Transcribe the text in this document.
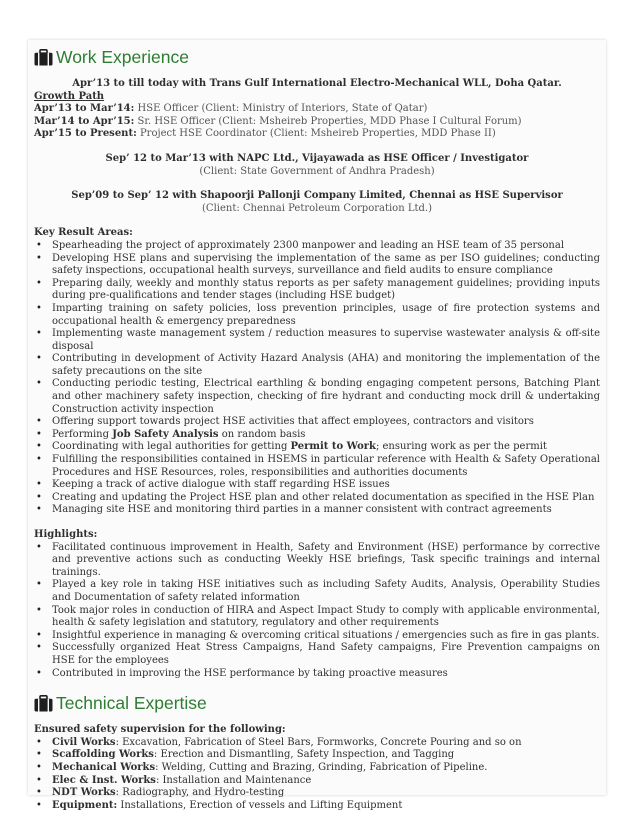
Work Experience

Apr’13 to till today with Trans Gulf International Electro-Mechanical WLL, Doha Qatar.

Growth Path

Apr’13 to Mar’14: HSE Officer (Client: Ministry of Interiors, State of Qatar)
Mar’14 to Apr’15: Sr. HSE Officer (Client: Msheireb Properties, MDD Phase I Cultural Forum)
Apr’15 to Present: Project HSE Coordinator (Client: Msheireb Properties, MDD Phase II)

Sep’ 12 to Mar’13 with NAPC Ltd., Vijayawada as HSE Officer / Investigator

(Client: State Government of Andhra Pradesh)

Sep’09 to Sep’ 12 with Shapoorji Pallonji Company Limited, Chennai as HSE Supervisor

(Client: Chennai Petroleum Corporation Ltd.)

Key Result Areas:

• Spearheading the project of approximately 2300 manpower and leading an HSE team of 35 personal
• Developing HSE plans and supervising the implementation of the same as per ISO guidelines; conducting safety inspections, occupational health surveys, surveillance and field audits to ensure compliance
• Preparing daily, weekly and monthly status reports as per safety management guidelines; providing inputs during pre-qualifications and tender stages (including HSE budget)
• Imparting training on safety policies, loss prevention principles, usage of fire protection systems and occupational health & emergency preparedness
• Implementing waste management system / reduction measures to supervise wastewater analysis & off-site disposal
• Contributing in development of Activity Hazard Analysis (AHA) and monitoring the implementation of the safety precautions on the site
• Conducting periodic testing, Electrical earthling & bonding engaging competent persons, Batching Plant and other machinery safety inspection, checking of fire hydrant and conducting mock drill & undertaking Construction activity inspection
• Offering support towards project HSE activities that affect employees, contractors and visitors
• Performing Job Safety Analysis on random basis
• Coordinating with legal authorities for getting Permit to Work; ensuring work as per the permit
• Fulfilling the responsibilities contained in HSEMS in particular reference with Health & Safety Operational Procedures and HSE Resources, roles, responsibilities and authorities documents
• Keeping a track of active dialogue with staff regarding HSE issues
• Creating and updating the Project HSE plan and other related documentation as specified in the HSE Plan
• Managing site HSE and monitoring third parties in a manner consistent with contract agreements

Highlights:

• Facilitated continuous improvement in Health, Safety and Environment (HSE) performance by corrective and preventive actions such as conducting Weekly HSE briefings, Task specific trainings and internal trainings.
• Played a key role in taking HSE initiatives such as including Safety Audits, Analysis, Operability Studies and Documentation of safety related information
• Took major roles in conduction of HIRA and Aspect Impact Study to comply with applicable environmental, health & safety legislation and statutory, regulatory and other requirements
• Insightful experience in managing & overcoming critical situations / emergencies such as fire in gas plants.
• Successfully organized Heat Stress Campaigns, Hand Safety campaigns, Fire Prevention campaigns on HSE for the employees
• Contributed in improving the HSE performance by taking proactive measures
Technical Expertise

Ensured safety supervision for the following:

• Civil Works: Excavation, Fabrication of Steel Bars, Formworks, Concrete Pouring and so on
• Scaffolding Works: Erection and Dismantling, Safety Inspection, and Tagging
• Mechanical Works: Welding, Cutting and Brazing, Grinding, Fabrication of Pipeline.
• Elec & Inst. Works: Installation and Maintenance
• NDT Works: Radiography, and Hydro-testing
• Equipment: Installations, Erection of vessels and Lifting Equipment
